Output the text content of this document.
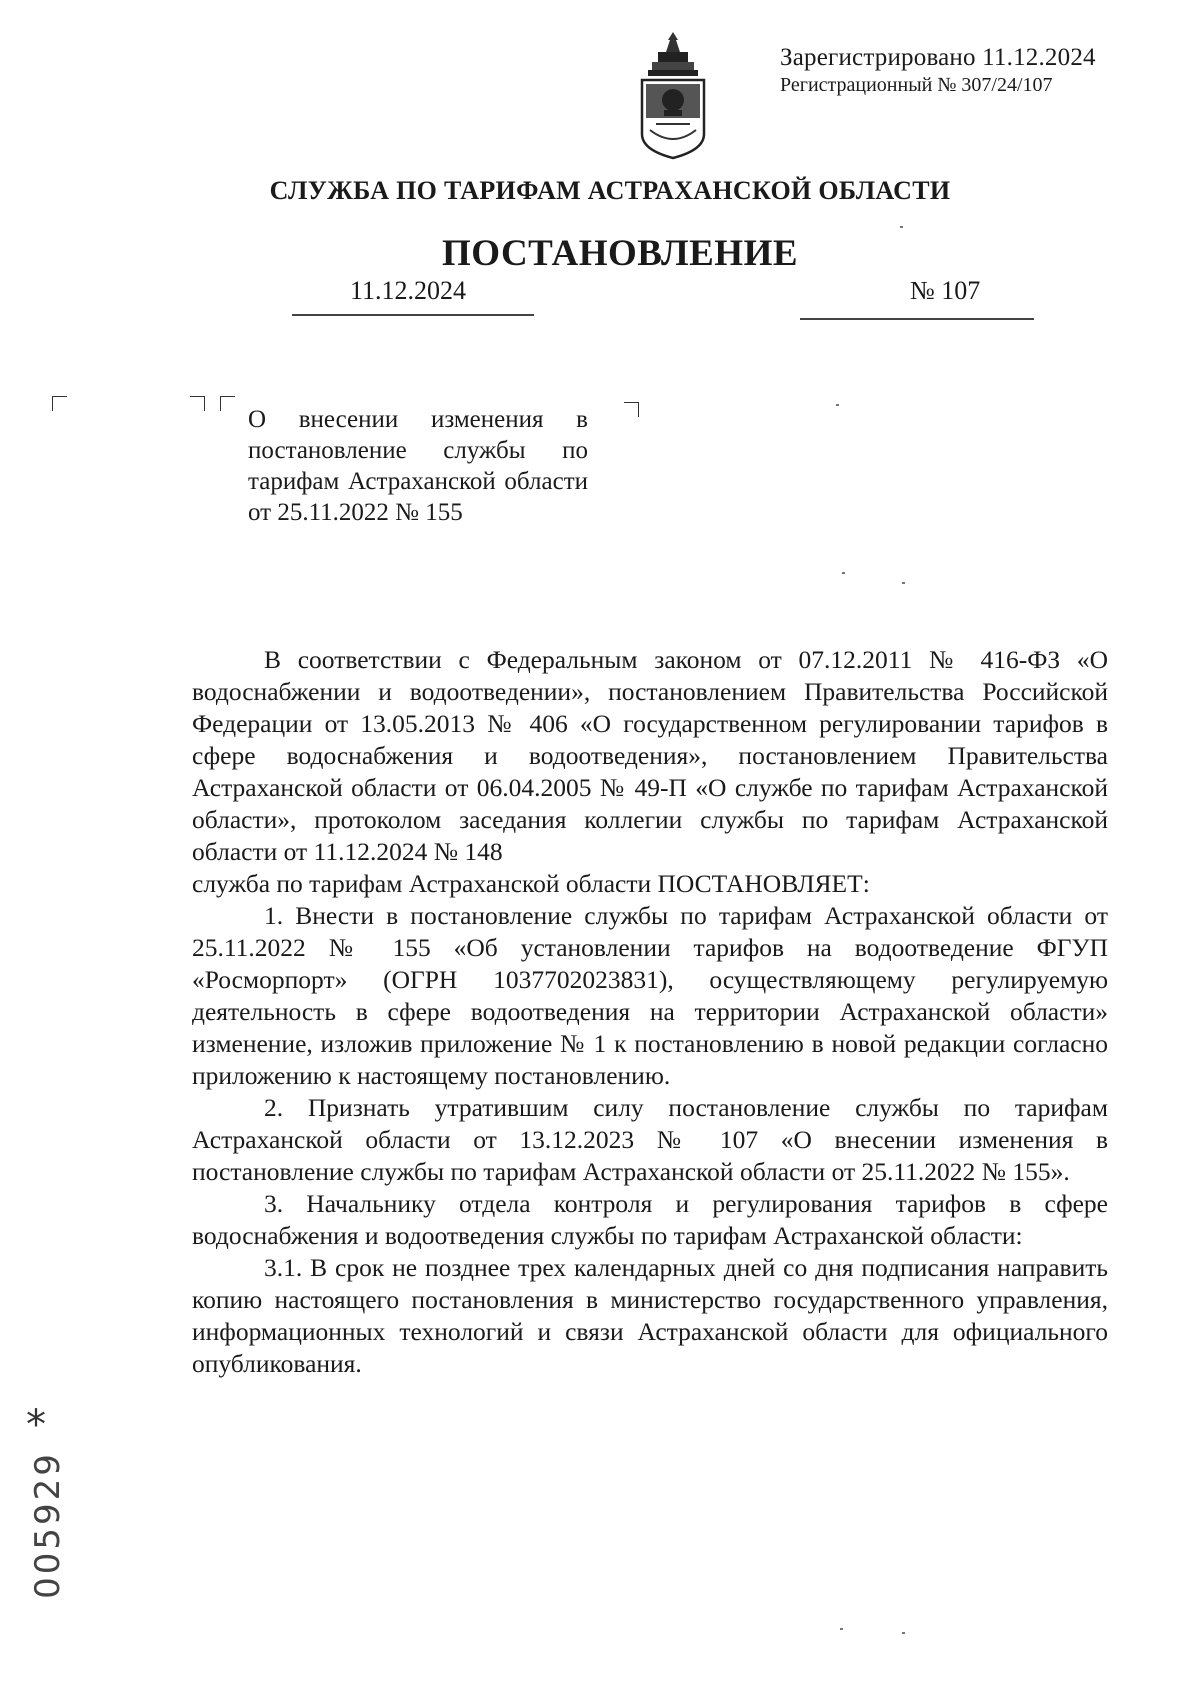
Зарегистрировано 11.12.2024
Регистрационный № 307/24/107
СЛУЖБА ПО ТАРИФАМ АСТРАХАНСКОЙ ОБЛАСТИ
ПОСТАНОВЛЕНИЕ
11.12.2024	№ 107
О внесении изменения в постановление службы по тарифам Астраханской области от 25.11.2022 № 155

В соответствии с Федеральным законом от 07.12.2011 № 416-ФЗ «О водоснабжении и водоотведении», постановлением Правительства Российской Федерации от 13.05.2013 № 406 «О государственном регулировании тарифов в сфере водоснабжения и водоотведения», постановлением Правительства Астраханской области от 06.04.2005 № 49-П «О службе по тарифам Астраханской области», протоколом заседания коллегии службы по тарифам Астраханской области от 11.12.2024 № 148

служба по тарифам Астраханской области ПОСТАНОВЛЯЕТ:

1. Внести в постановление службы по тарифам Астраханской области от 25.11.2022 № 155 «Об установлении тарифов на водоотведение ФГУП «Росморпорт» (ОГРН 1037702023831), осуществляющему регулируемую деятельность в сфере водоотведения на территории Астраханской области» изменение, изложив приложение № 1 к постановлению в новой редакции согласно приложению к настоящему постановлению.

2. Признать утратившим силу постановление службы по тарифам Астраханской области от 13.12.2023 № 107 «О внесении изменения в постановление службы по тарифам Астраханской области от 25.11.2022 № 155».

3. Начальнику отдела контроля и регулирования тарифов в сфере водоснабжения и водоотведения службы по тарифам Астраханской области:

3.1. В срок не позднее трех календарных дней со дня подписания направить копию настоящего постановления в министерство государственного управления, информационных технологий и связи Астраханской области для официального опубликования.

*
005929
